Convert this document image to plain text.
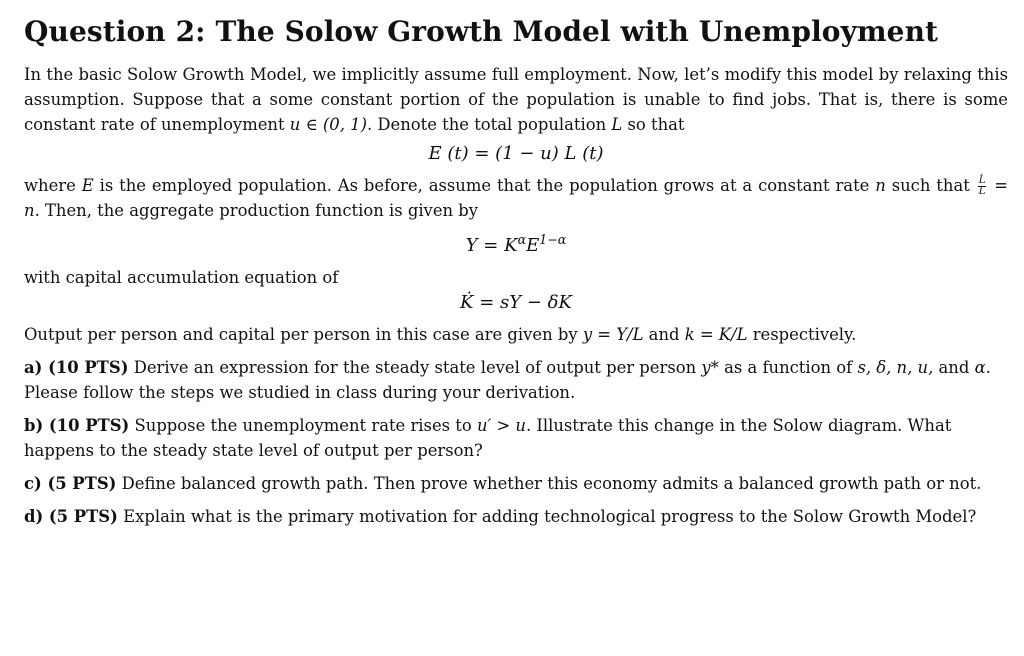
Question 2: The Solow Growth Model with Unemployment
In the basic Solow Growth Model, we implicitly assume full employment. Now, let’s modify this model by relaxing this assumption. Suppose that a some constant portion of the population is unable to find jobs. That is, there is some constant rate of unemployment u ∈ (0, 1). Denote the total population L so that
E (t) = (1 − u) L (t)
where E is the employed population. As before, assume that the population grows at a constant rate n such that $\frac{L̇}{L} = n$. Then, the aggregate production function is given by
$Y = K^\alpha E^{1-\alpha}$
with capital accumulation equation of
K̇ = sY − δK
Output per person and capital per person in this case are given by y = Y/L and k = K/L respectively.
a) (10 PTS) Derive an expression for the steady state level of output per person y* as a function of s, δ, n, u, and α. Please follow the steps we studied in class during your derivation.
b) (10 PTS) Suppose the unemployment rate rises to u′ > u. Illustrate this change in the Solow diagram. What happens to the steady state level of output per person?
c) (5 PTS) Define balanced growth path. Then prove whether this economy admits a balanced growth path or not.
d) (5 PTS) Explain what is the primary motivation for adding technological progress to the Solow Growth Model?
